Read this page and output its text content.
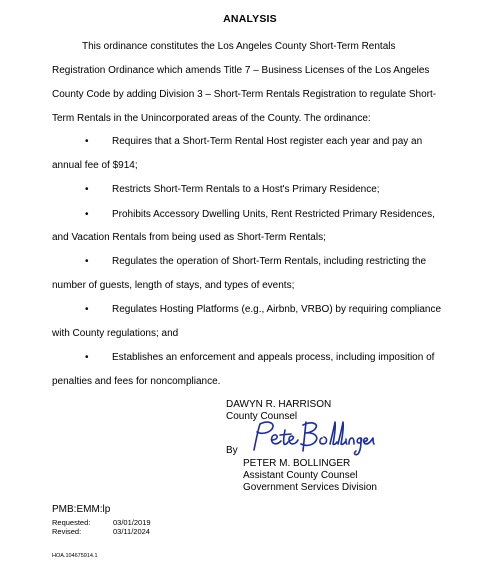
ANALYSIS
This ordinance constitutes the Los Angeles County Short-Term Rentals
Registration Ordinance which amends Title 7 – Business Licenses of the Los Angeles
County Code by adding Division 3 – Short-Term Rentals Registration to regulate Short-
Term Rentals in the Unincorporated areas of the County. The ordinance:
• Requires that a Short-Term Rental Host register each year and pay an
annual fee of $914;
• Restricts Short-Term Rentals to a Host's Primary Residence;
• Prohibits Accessory Dwelling Units, Rent Restricted Primary Residences,
and Vacation Rentals from being used as Short-Term Rentals;
• Regulates the operation of Short-Term Rentals, including restricting the
number of guests, length of stays, and types of events;
• Regulates Hosting Platforms (e.g., Airbnb, VRBO) by requiring compliance
with County regulations; and
• Establishes an enforcement and appeals process, including imposition of
penalties and fees for noncompliance.
DAWYN R. HARRISON
County Counsel
By
PETER M. BOLLINGER
Assistant County Counsel
Government Services Division
PMB:EMM:lp
Requested:	03/01/2019
Revised:	03/11/2024
HOA.104675914.1
